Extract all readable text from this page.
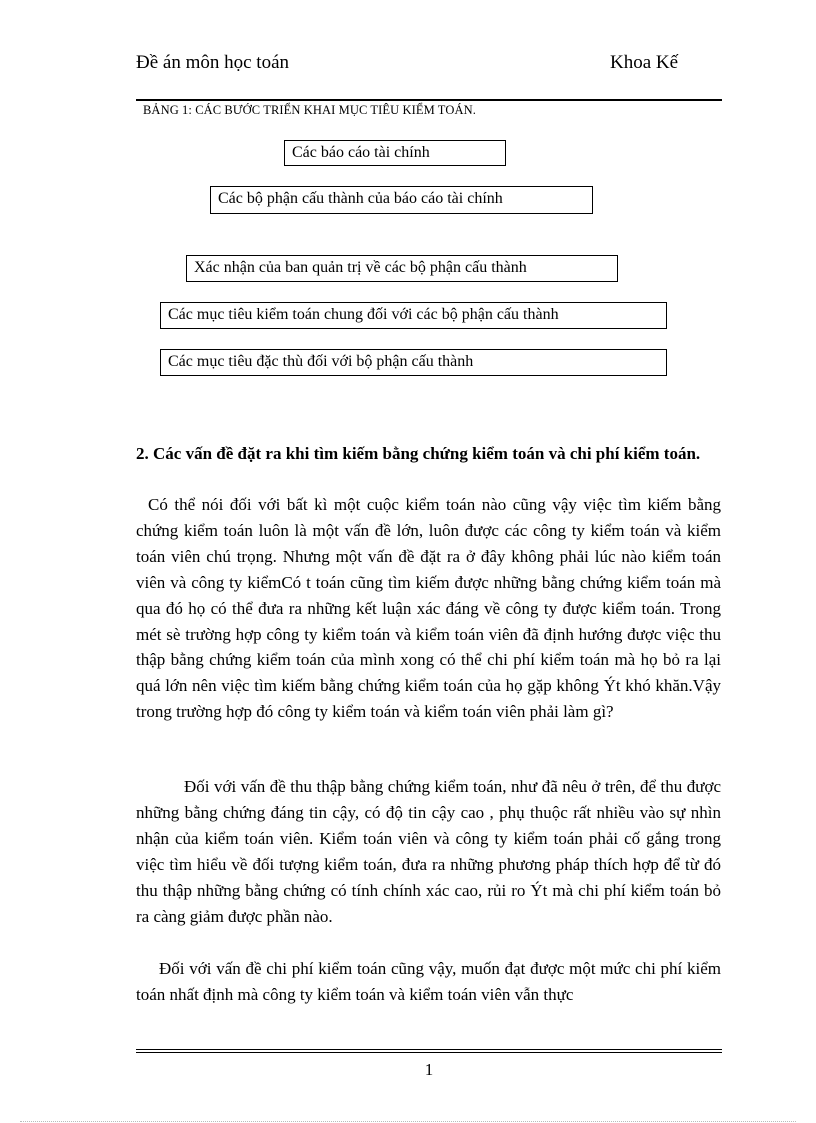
Đề án môn học toán	Khoa Kế
BẢNG 1: CÁC BƯỚC TRIỂN KHAI MỤC TIÊU KIỂM TOÁN.
Các báo cáo tài chính
Các bộ phận cấu thành của báo cáo tài chính
Xác nhận của ban quản trị về các bộ phận cấu thành
Các mục tiêu kiểm toán chung đối với các bộ phận cấu thành
Các mục tiêu đặc thù đối với bộ phận cấu thành
2. Các vấn đề đặt ra khi tìm kiếm bằng chứng kiểm toán và chi phí kiểm toán.

Có thể nói đối với bất kì một cuộc kiểm toán nào cũng vậy việc tìm kiếm bằng chứng kiểm toán luôn là một vấn đề lớn, luôn được các công ty kiểm toán và kiểm toán viên chú trọng. Nhưng một vấn đề đặt ra ở đây không phải lúc nào kiểm toán viên và công ty kiểmCó t toán cũng tìm kiếm được những bằng chứng kiểm toán mà qua đó họ có thể đưa ra những kết luận xác đáng về công ty được kiểm toán. Trong mét sè trường hợp công ty kiểm toán và kiểm toán viên đã định hướng được việc thu thập bằng chứng kiểm toán của mình xong có thể chi phí kiểm toán mà họ bỏ ra lại quá lớn nên việc tìm kiếm bằng chứng kiểm toán của họ gặp không Ýt khó khăn.Vậy trong trường hợp đó công ty kiểm toán và kiểm toán viên phải làm gì?

Đối với vấn đề thu thập bằng chứng kiểm toán, như đã nêu ở trên, để thu được những bằng chứng đáng tin cậy, có độ tin cậy cao , phụ thuộc rất nhiều vào sự nhìn nhận của kiểm toán viên. Kiểm toán viên và công ty kiểm toán phải cố gắng trong việc tìm hiểu về đối tượng kiểm toán, đưa ra những phương pháp thích hợp để từ đó thu thập những bằng chứng có tính chính xác cao, rủi ro Ýt mà chi phí kiểm toán bỏ ra càng giảm được phần nào.

Đối với vấn đề chi phí kiểm toán cũng vậy, muốn đạt được một mức chi phí kiểm toán nhất định mà công ty kiểm toán và kiểm toán viên vẫn thực

1
